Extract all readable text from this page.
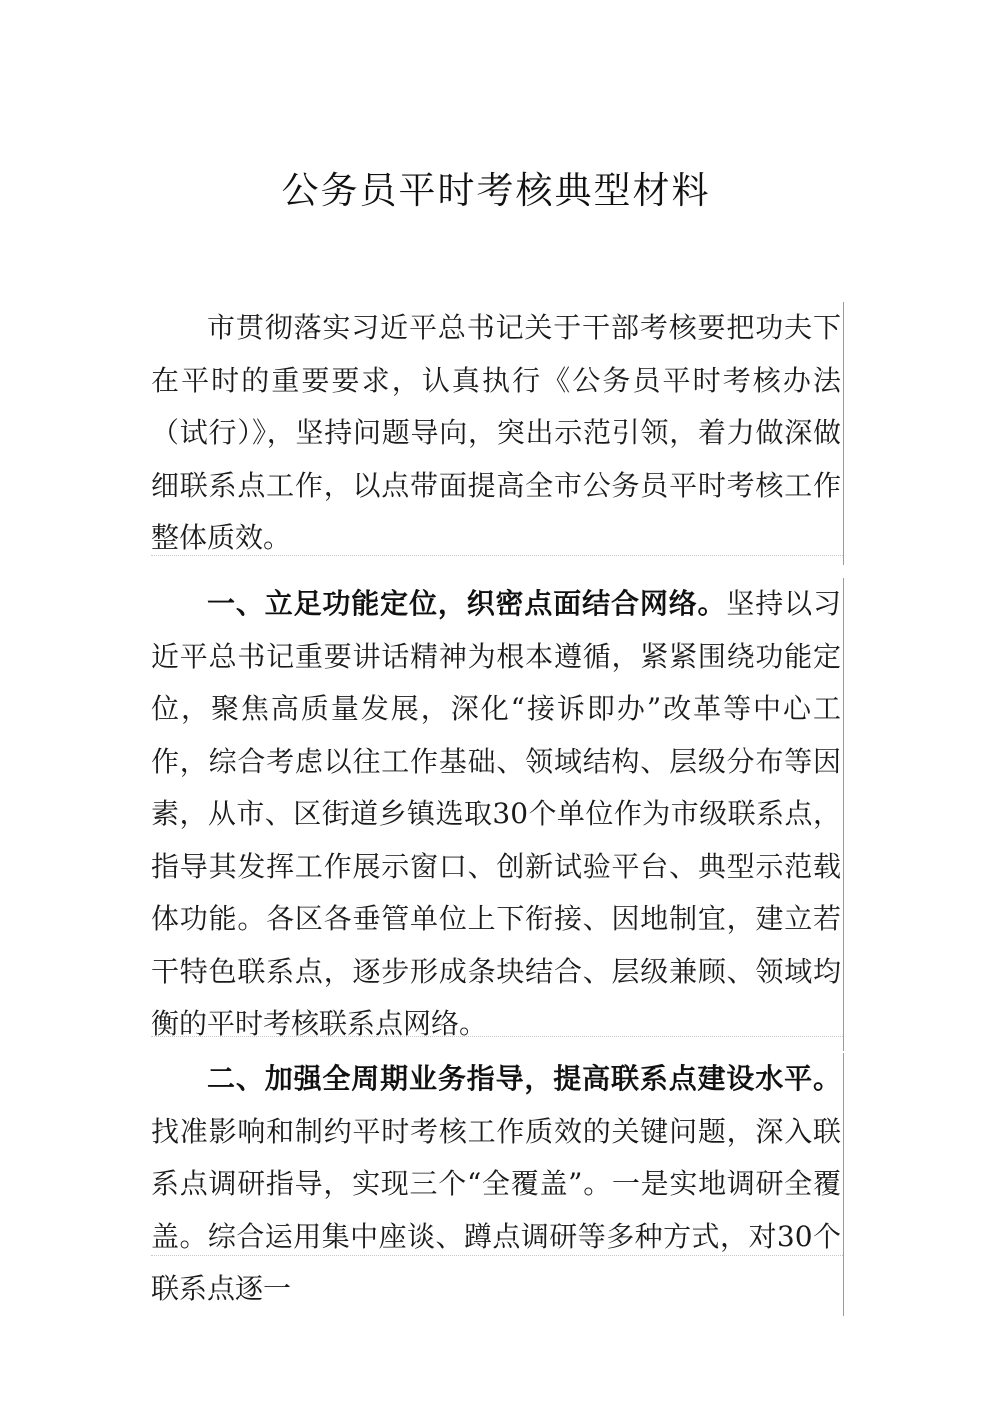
公务员平时考核典型材料

市贯彻落实习近平总书记关于干部考核要把功夫下在平时的重要要求，认真执行《公务员平时考核办法（试行）》，坚持问题导向，突出示范引领，着力做深做细联系点工作，以点带面提高全市公务员平时考核工作整体质效。

一、立足功能定位，织密点面结合网络。坚持以习近平总书记重要讲话精神为根本遵循，紧紧围绕功能定位，聚焦高质量发展，深化“接诉即办”改革等中心工作，综合考虑以往工作基础、领域结构、层级分布等因素，从市、区街道乡镇选取30个单位作为市级联系点，指导其发挥工作展示窗口、创新试验平台、典型示范载体功能。各区各垂管单位上下衔接、因地制宜，建立若干特色联系点，逐步形成条块结合、层级兼顾、领域均衡的平时考核联系点网络。

二、加强全周期业务指导，提高联系点建设水平。找准影响和制约平时考核工作质效的关键问题，深入联系点调研指导，实现三个“全覆盖”。一是实地调研全覆盖。综合运用集中座谈、蹲点调研等多种方式，对30个联系点逐一
